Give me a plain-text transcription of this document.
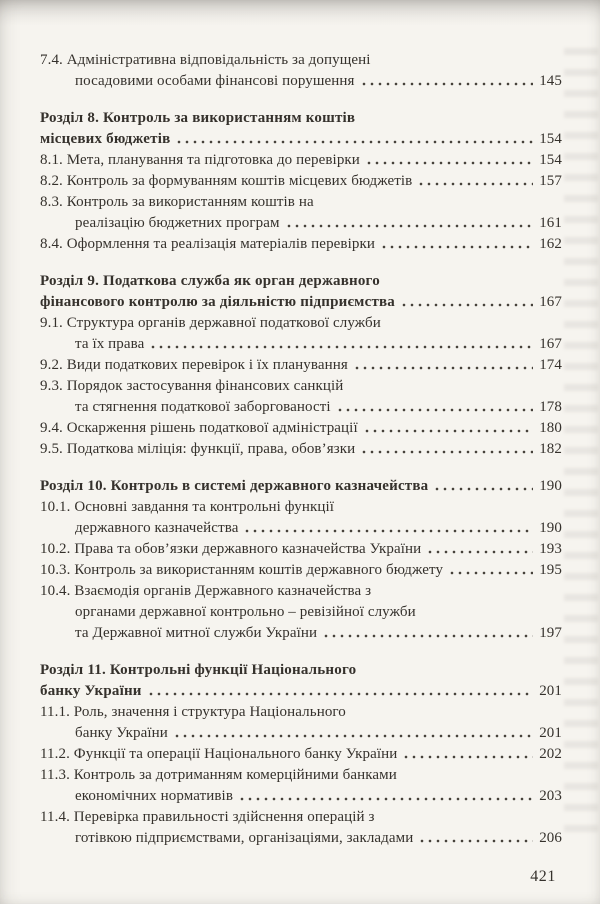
7.4. Адміністративна відповідальність за допущені
посадовими особами фінансові порушення	145
Розділ 8. Контроль за використанням коштів
місцевих бюджетів	154
8.1. Мета, планування та підготовка до перевірки	154
8.2. Контроль за формуванням коштів місцевих бюджетів	157
8.3. Контроль за використанням коштів на
реалізацію бюджетних програм	161
8.4. Оформлення та реалізація матеріалів перевірки	162
Розділ 9. Податкова служба як орган державного
фінансового контролю за діяльністю підприємства	167
9.1. Структура органів державної податкової служби
та їх права	167
9.2. Види податкових перевірок і їх планування	174
9.3. Порядок застосування фінансових санкцій
та стягнення податкової заборгованості	178
9.4. Оскарження рішень податкової адміністрації	180
9.5. Податкова міліція: функції, права, обов’язки	182
Розділ 10. Контроль в системі державного казначейства	190
10.1. Основні завдання та контрольні функції
державного казначейства	190
10.2. Права та обов’язки державного казначейства України	193
10.3. Контроль за використанням коштів державного бюджету	195
10.4. Взаємодія органів Державного казначейства з
органами державної контрольно – ревізійної служби
та Державної митної служби України	197
Розділ 11. Контрольні функції Національного
банку України	201
11.1. Роль, значення і структура Національного
банку України	201
11.2. Функції та операції Національного банку України	202
11.3. Контроль за дотриманням комерційними банками
економічних нормативів	203
11.4. Перевірка правильності здійснення операцій з
готівкою підприємствами, організаціями, закладами	206
421
